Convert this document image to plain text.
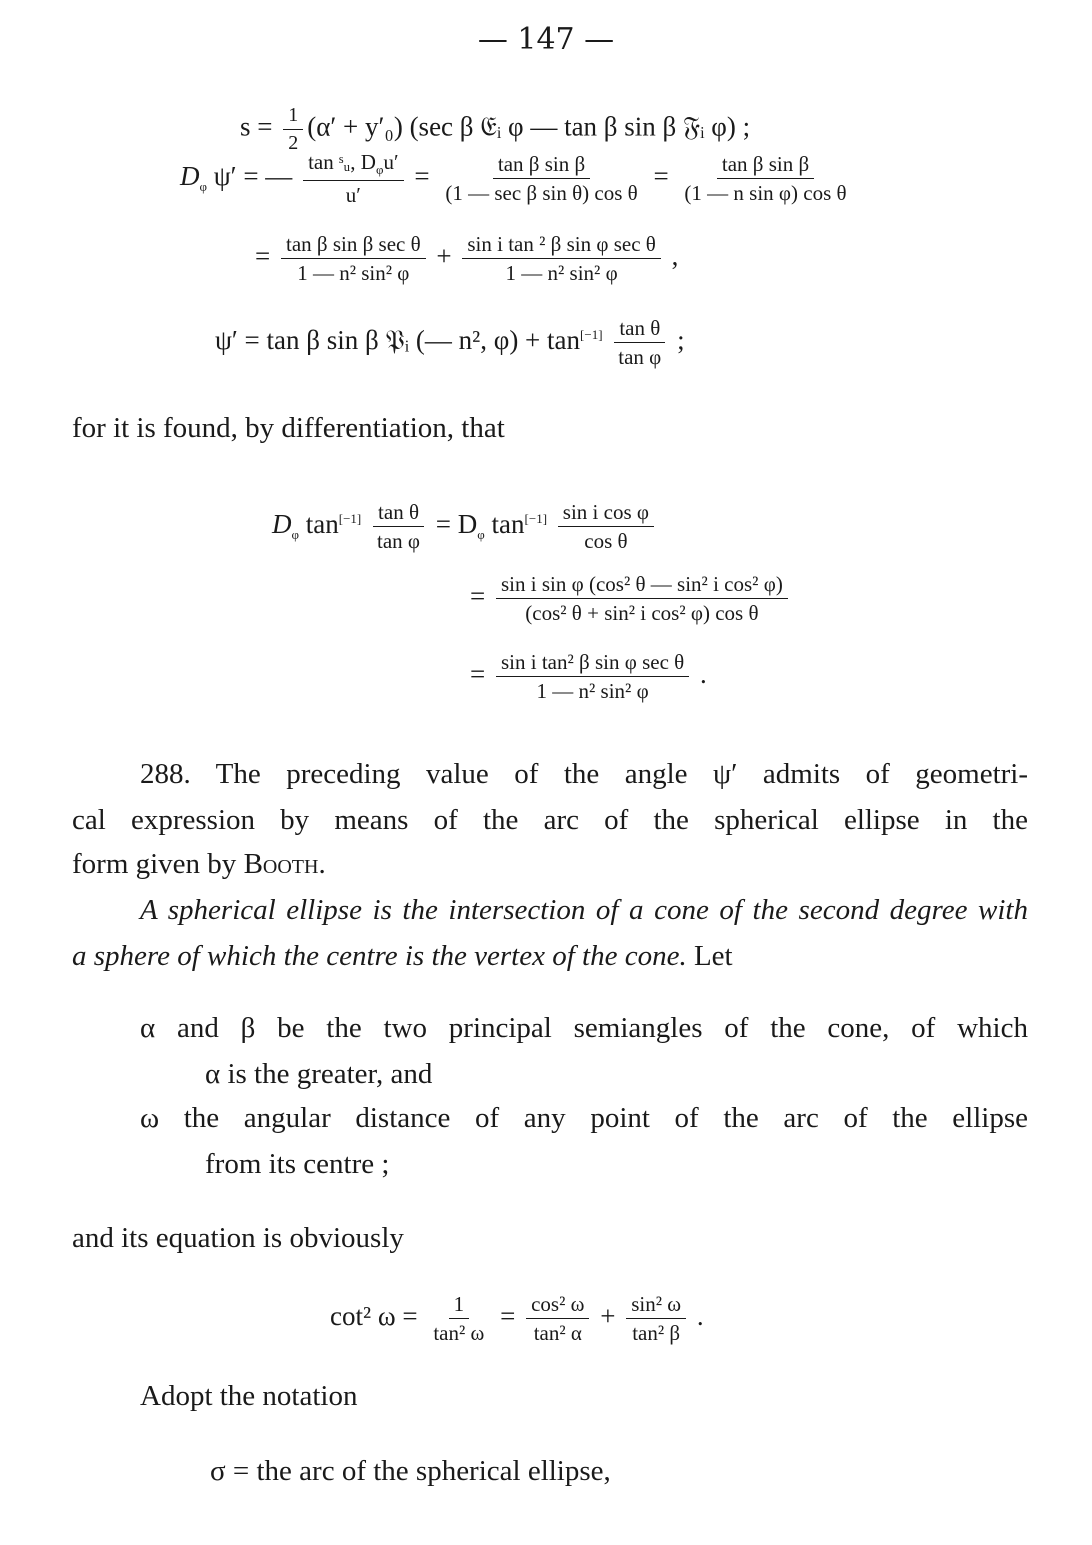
— 147 —
$s = \frac{1}{2} (\alpha' + y'_0)$ (sec β 𝔈ᵢ φ — tan β sin β 𝔉ᵢ φ) ;
$D_\varphi$ ψ′ = — $\frac{\tan ˢᵤ, D_\varphi u'}{u'} = \frac{\text{tan β sin β}}{\text{(1 — sec β sin θ) cos θ}} = \frac{\text{tan β sin β}}{\text{(1 — n sin φ) cos θ}}$
= $\frac{\text{tan β sin β sec θ}}{\text{1 — n² sin² φ}} + \frac{\text{sin i tan ² β sin φ sec θ}}{\text{1 — n² sin² φ}}$ ,
ψ′ = tan β sin β 𝔓ᵢ (— n², $\varphi) + \tan[-1] \frac{\text{tan θ}}{\text{tan φ}}$ ;
for it is found, by differentiation, that
$D_\varphi$ $\tan[-1] \frac{\text{tan θ}}{\text{tan φ}} = D_\varphi$ $\tan[-1] \frac{\text{sin i cos φ}}{\text{cos θ}}$
= $\frac{\text{sin i sin φ (cos² θ — sin² i cos² φ)}}{\text{(cos² θ + sin² i cos² φ) cos θ}}$
= $\frac{\text{sin i tan² β sin φ sec θ}}{\text{1 — n² sin² φ}}$ .
288. The preceding value of the angle ψ′ admits of geometri-
cal expression by means of the arc of the spherical ellipse in the
form given by Booth.
A spherical ellipse is the intersection of a cone of the second degree with
a sphere of which the centre is the vertex of the cone. Let
α and β be the two principal semiangles of the cone, of which
α is the greater, and
ω the angular distance of any point of the arc of the ellipse
from its centre ;
and its equation is obviously
cot² $\omega = \frac{1}{\text{tan² ω}} = \frac{\text{cos² ω}}{\text{tan² α}} + \frac{\text{sin² ω}}{\text{tan² β}}$ .
Adopt the notation
σ = the arc of the spherical ellipse,
